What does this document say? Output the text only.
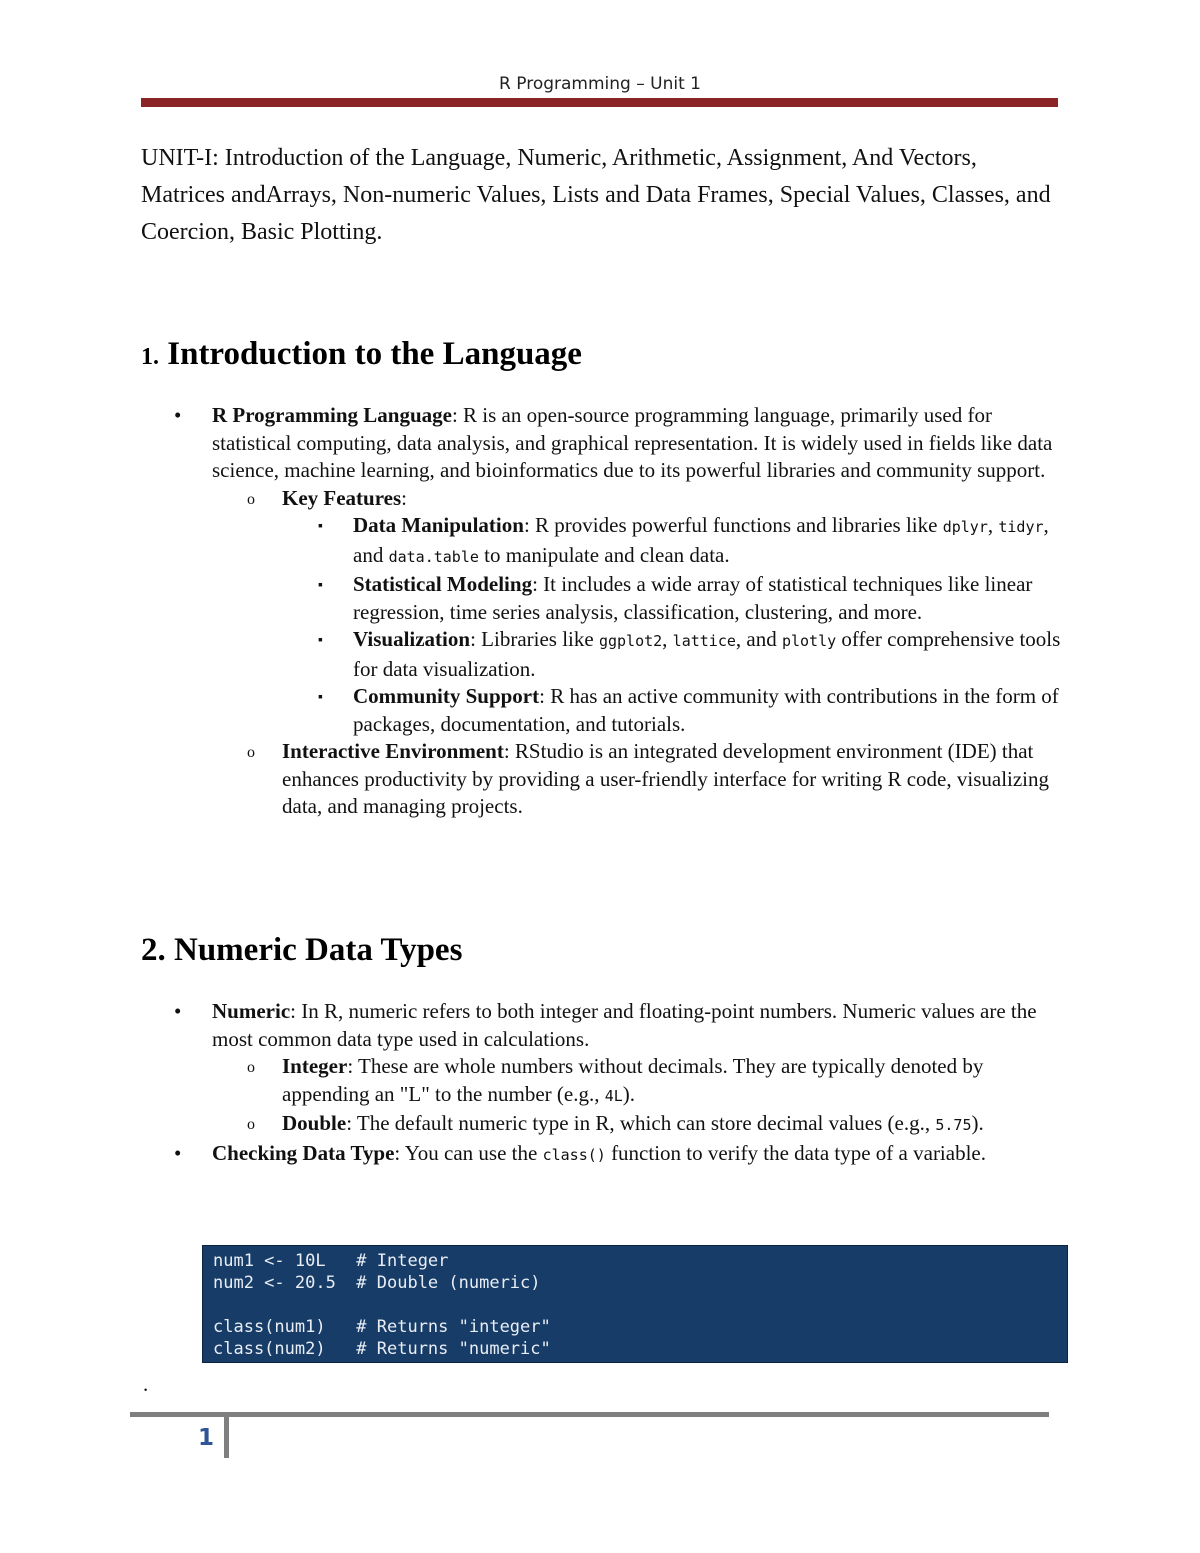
R Programming – Unit 1
UNIT-I: Introduction of the Language, Numeric, Arithmetic, Assignment, And Vectors, Matrices andArrays, Non-numeric Values, Lists and Data Frames, Special Values, Classes, and Coercion, Basic Plotting.
1. Introduction to the Language
• R Programming Language: R is an open-source programming language, primarily used for statistical computing, data analysis, and graphical representation. It is widely used in fields like data science, machine learning, and bioinformatics due to its powerful libraries and community support.
o Key Features:
▪ Data Manipulation: R provides powerful functions and libraries like dplyr, tidyr, and data.table to manipulate and clean data.
▪ Statistical Modeling: It includes a wide array of statistical techniques like linear regression, time series analysis, classification, clustering, and more.
▪ Visualization: Libraries like ggplot2, lattice, and plotly offer comprehensive tools for data visualization.
▪ Community Support: R has an active community with contributions in the form of packages, documentation, and tutorials.
o Interactive Environment: RStudio is an integrated development environment (IDE) that enhances productivity by providing a user-friendly interface for writing R code, visualizing data, and managing projects.
2. Numeric Data Types
• Numeric: In R, numeric refers to both integer and floating-point numbers. Numeric values are the most common data type used in calculations.
o Integer: These are whole numbers without decimals. They are typically denoted by appending an "L" to the number (e.g., 4L).
o Double: The default numeric type in R, which can store decimal values (e.g., 5.75).
• Checking Data Type: You can use the class() function to verify the data type of a variable.
num1 <- 10L   # Integer
num2 <- 20.5  # Double (numeric)
class(num1)   # Returns "integer"
class(num2)   # Returns "numeric"
.
1
